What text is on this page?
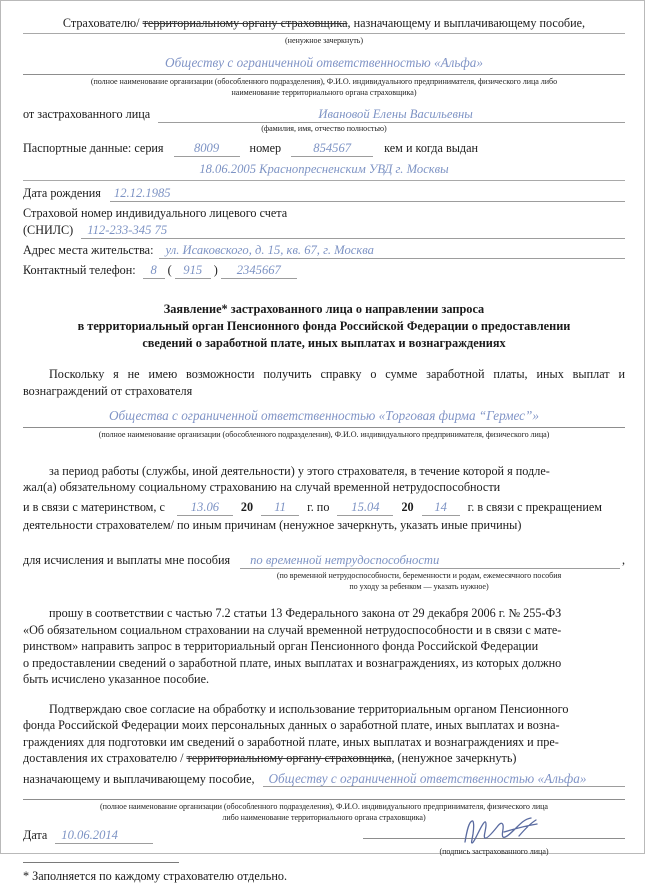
Страхователю/ территориальному органу страховщика, назначающему и выплачивающему пособие,
(ненужное зачеркнуть)
Обществу с ограниченной ответственностью «Альфа»
(полное наименование организации (обособленного подразделения), Ф.И.О. индивидуального предпринимателя, физического лица либо
наименование территориального органа страховщика)
от застрахованного лица	Ивановой Елены Васильевны
(фамилия, имя, отчество полностью)
Паспортные данные: серия	8009	номер	854567	кем и когда выдан
18.06.2005 Краснопресненским УВД г. Москвы
Дата рождения	12.12.1985
Страховой номер индивидуального лицевого счета
(СНИЛС)	112-233-345 75
Адрес места жительства: ул. Исаковского, д. 15, кв. 67, г. Москва
Контактный телефон:	8 ( 915 )	2345667
Заявление* застрахованного лица о направлении запроса
в территориальный орган Пенсионного фонда Российской Федерации о предоставлении
сведений о заработной плате, иных выплатах и вознаграждениях
Поскольку я не имею возможности получить справку о сумме заработной платы, иных выплат и вознаграждений от страхователя
Общества с ограниченной ответственностью «Торговая фирма “Гермес”»
(полное наименование организации (обособленного подразделения), Ф.И.О. индивидуального предпринимателя, физического лица)
за период работы (службы, иной деятельности) у этого страхователя, в течение которой я подле-
жал(а) обязательному социальному страхованию на случай временной нетрудоспособности
и в связи с материнством, с	13.06	20	11	г. по	15.04	20	14	г. в связи с прекращением
деятельности страхователем/ по иным причинам (ненужное зачеркнуть, указать иные причины)
для исчисления и выплаты мне пособия	по временной нетрудоспособности	,
(по временной нетрудоспособности, беременности и родам, ежемесячного пособия
по уходу за ребенком — указать нужное)
прошу в соответствии с частью 7.2 статьи 13 Федерального закона от 29 декабря 2006 г. № 255-ФЗ
«Об обязательном социальном страховании на случай временной нетрудоспособности и в связи с мате-
ринством» направить запрос в территориальный орган Пенсионного фонда Российской Федерации
о предоставлении сведений о заработной плате, иных выплатах и вознаграждениях, из которых должно
быть исчислено указанное пособие.
Подтверждаю свое согласие на обработку и использование территориальным органом Пенсионного
фонда Российской Федерации моих персональных данных о заработной плате, иных выплатах и возна-
граждениях для подготовки им сведений о заработной плате, иных выплатах и вознаграждениях и пре-
доставления их страхователю / территориальному органу страховщика, (ненужное зачеркнуть)
назначающему и выплачивающему пособие,	Обществу с ограниченной ответственностью «Альфа»
(полное наименование организации (обособленного подразделения), Ф.И.О. индивидуального предпринимателя, физического лица
либо наименование территориального органа страховщика)
Дата	10.06.2014
(подпись застрахованного лица)
* Заполняется по каждому страхователю отдельно.
